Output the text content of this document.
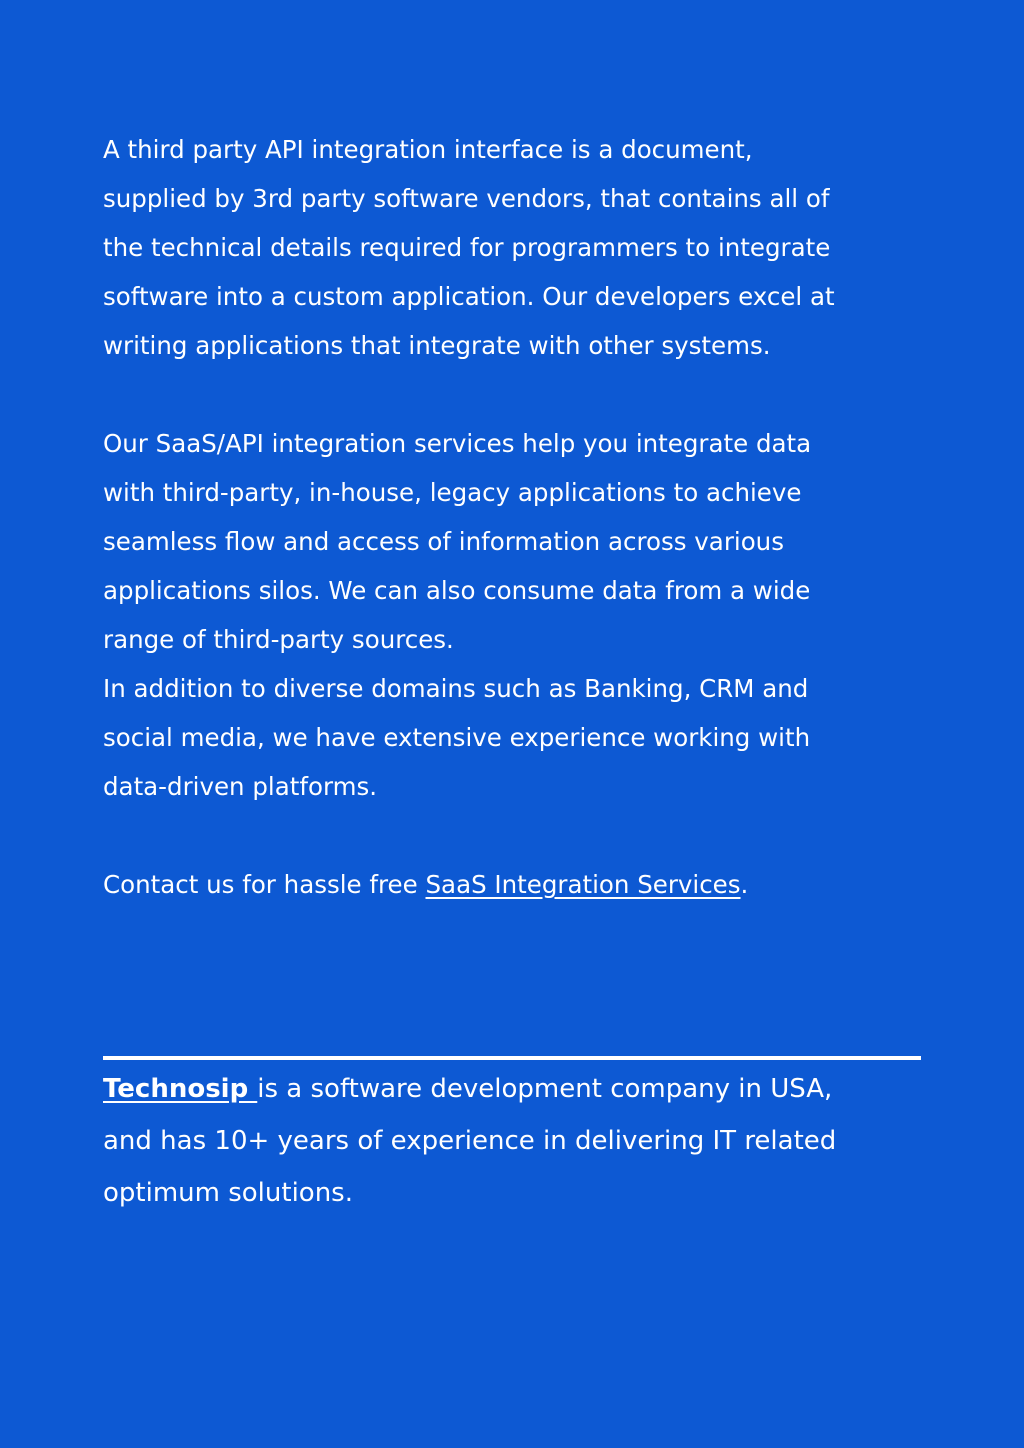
A third party API integration interface is a document,
supplied by 3rd party software vendors, that contains all of
the technical details required for programmers to integrate
software into a custom application. Our developers excel at
writing applications that integrate with other systems.

Our SaaS/API integration services help you integrate data
with third-party, in-house, legacy applications to achieve
seamless flow and access of information across various
applications silos. We can also consume data from a wide
range of third-party sources.

In addition to diverse domains such as Banking, CRM and
social media, we have extensive experience working with
data-driven platforms.

Contact us for hassle free SaaS Integration Services.

Technosip is a software development company in USA,
and has 10+ years of experience in delivering IT related
optimum solutions.
